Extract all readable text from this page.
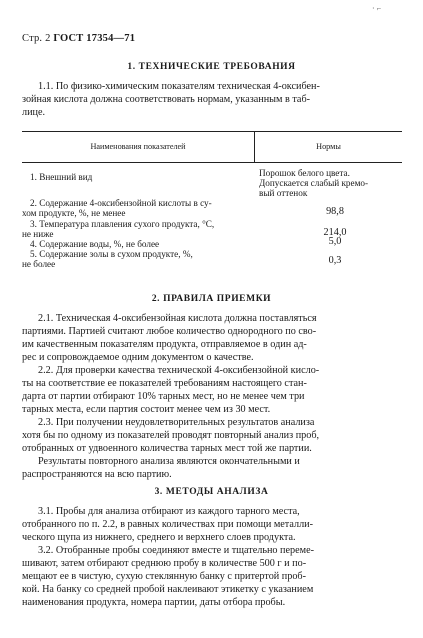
· ⌐
Стр. 2 ГОСТ 17354—71
1. ТЕХНИЧЕСКИЕ ТРЕБОВАНИЯ
1.1. По физико-химическим показателям техническая 4-оксибен-
зойная кислота должна соответствовать нормам, указанным в таб-
лице.
Наименования показателей	Нормы
1. Внешний вид	Порошок белого цвета.
Допускается слабый кремо-
вый оттенок
2. Содержание 4-оксибензойной кислоты в су-
хом продукте, %, не менее	98,8
3. Температура плавления сухого продукта, °С,
не ниже	214,0
4. Содержание воды, %, не более	5,0
5. Содержание золы в сухом продукте, %,
не более	0,3
2. ПРАВИЛА ПРИЕМКИ
2.1. Техническая 4-оксибензойная кислота должна поставляться
партиями. Партией считают любое количество однородного по сво-
им качественным показателям продукта, отправляемое в один ад-
рес и сопровождаемое одним документом о качестве.
2.2. Для проверки качества технической 4-оксибензойной кисло-
ты на соответствие ее показателей требованиям настоящего стан-
дарта от партии отбирают 10% тарных мест, но не менее чем три
тарных места, если партия состоит менее чем из 30 мест.
2.3. При получении неудовлетворительных результатов анализа
хотя бы по одному из показателей проводят повторный анализ проб,
отобранных от удвоенного количества тарных мест той же партии.
Результаты повторного анализа являются окончательными и
распространяются на всю партию.
3. МЕТОДЫ АНАЛИЗА
3.1. Пробы для анализа отбирают из каждого тарного места,
отобранного по п. 2.2, в равных количествах при помощи металли-
ческого щупа из нижнего, среднего и верхнего слоев продукта.
3.2. Отобранные пробы соединяют вместе и тщательно переме-
шивают, затем отбирают среднюю пробу в количестве 500 г и по-
мещают ее в чистую, сухую стеклянную банку с притертой проб-
кой. На банку со средней пробой наклеивают этикетку с указанием
наименования продукта, номера партии, даты отбора пробы.
